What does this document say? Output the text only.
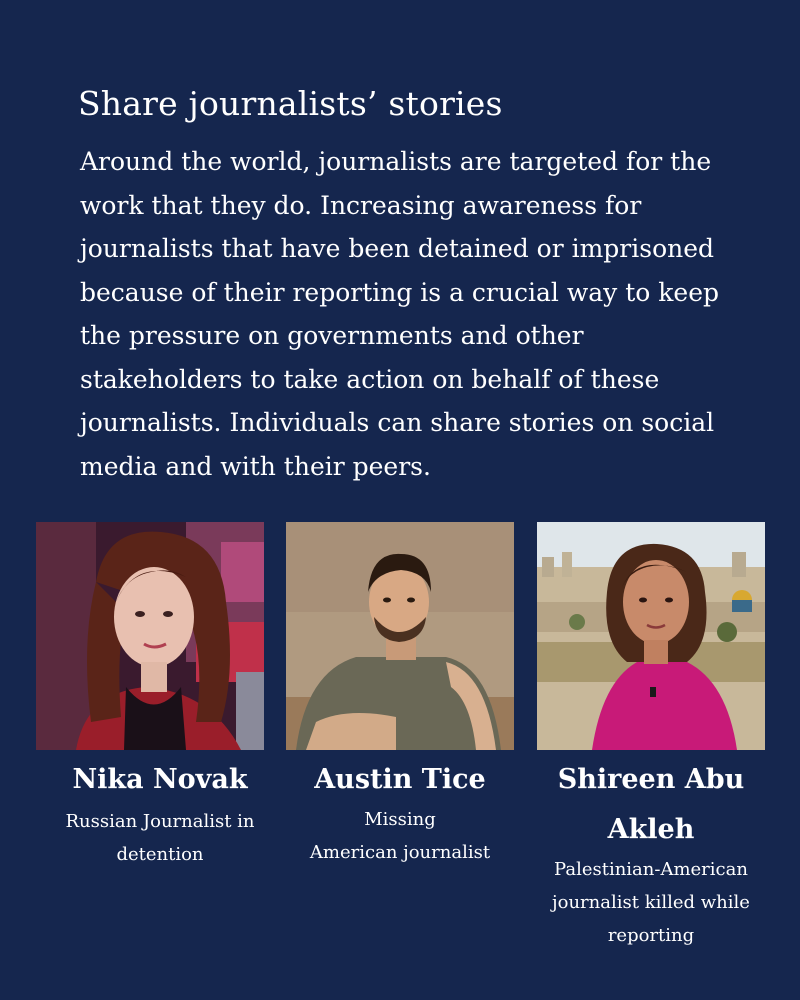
Share journalists’ stories
Around the world, journalists are targeted for the
work that they do. Increasing awareness for
journalists that have been detained or imprisoned
because of their reporting is a crucial way to keep
the pressure on governments and other
stakeholders to take action on behalf of these
journalists. Individuals can share stories on social
media and with their peers.
Nika Novak
Russian Journalist in
detention
Austin Tice
Missing
American journalist
Shireen Abu
Akleh
Palestinian-American
journalist killed while
reporting
